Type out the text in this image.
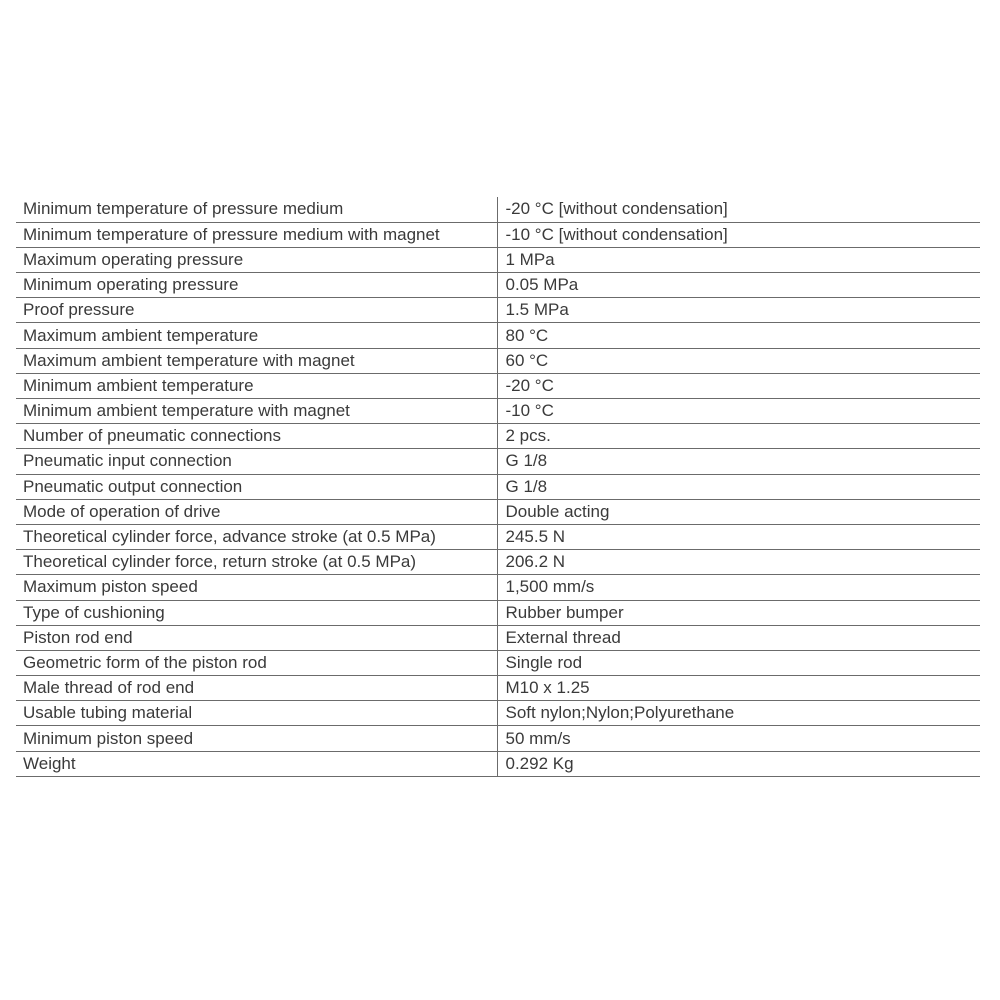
Minimum temperature of pressure medium	-20 °C [without condensation]
Minimum temperature of pressure medium with magnet	-10 °C [without condensation]
Maximum operating pressure	1 MPa
Minimum operating pressure	0.05 MPa
Proof pressure	1.5 MPa
Maximum ambient temperature	80 °C
Maximum ambient temperature with magnet	60 °C
Minimum ambient temperature	-20 °C
Minimum ambient temperature with magnet	-10 °C
Number of pneumatic connections	2 pcs.
Pneumatic input connection	G 1/8
Pneumatic output connection	G 1/8
Mode of operation of drive	Double acting
Theoretical cylinder force, advance stroke (at 0.5 MPa)	245.5 N
Theoretical cylinder force, return stroke (at 0.5 MPa)	206.2 N
Maximum piston speed	1,500 mm/s
Type of cushioning	Rubber bumper
Piston rod end	External thread
Geometric form of the piston rod	Single rod
Male thread of rod end	M10 x 1.25
Usable tubing material	Soft nylon;Nylon;Polyurethane
Minimum piston speed	50 mm/s
Weight	0.292 Kg
